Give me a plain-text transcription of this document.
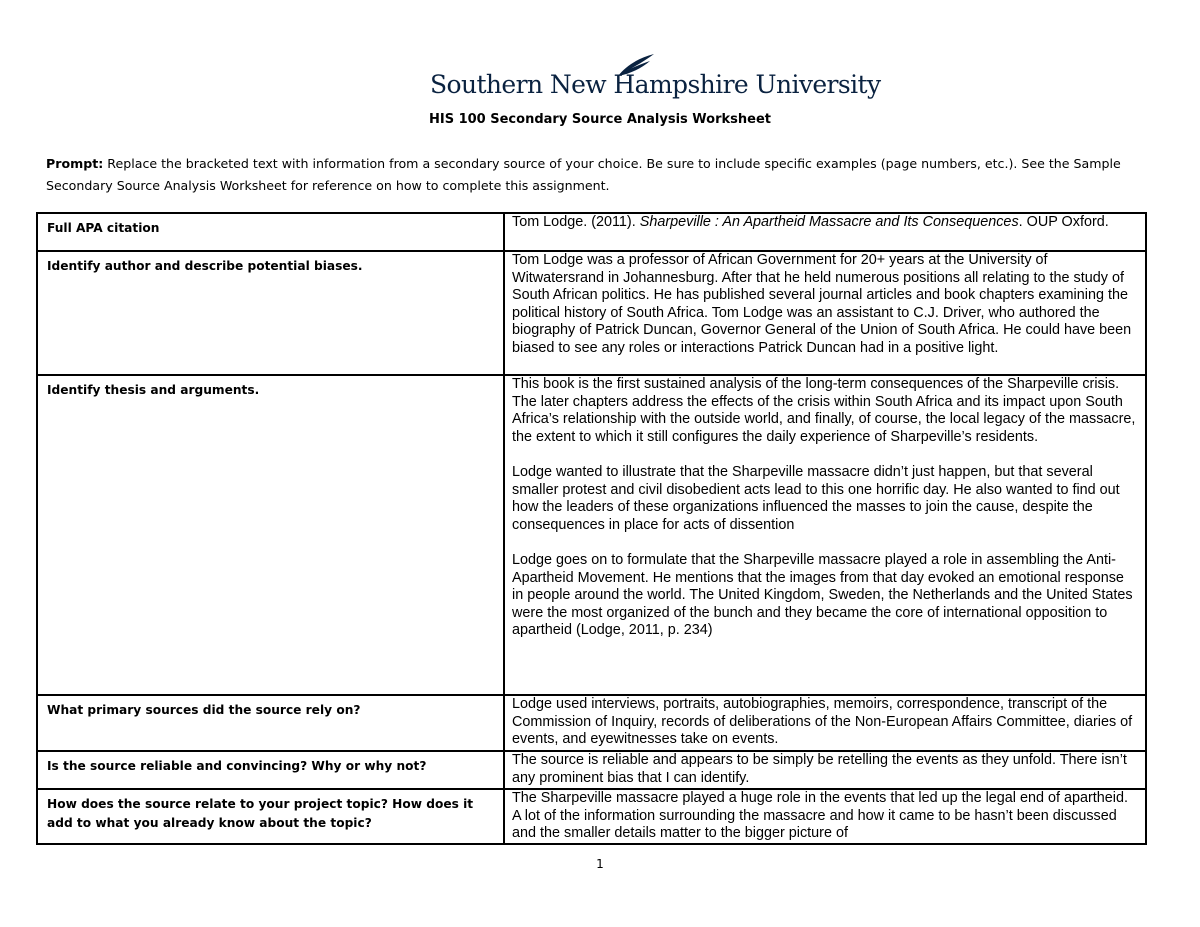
Southern New Hampshire University
HIS 100 Secondary Source Analysis Worksheet
Prompt: Replace the bracketed text with information from a secondary source of your choice. Be sure to include specific examples (page numbers, etc.). See the Sample Secondary Source Analysis Worksheet for reference on how to complete this assignment.
Full APA citation	Tom Lodge. (2011). Sharpeville : An Apartheid Massacre and Its Consequences. OUP Oxford.
Identify author and describe potential biases.	Tom Lodge was a professor of African Government for 20+ years at the University of Witwatersrand in Johannesburg. After that he held numerous positions all relating to the study of South African politics. He has published several journal articles and book chapters examining the political history of South Africa. Tom Lodge was an assistant to C.J. Driver, who authored the biography of Patrick Duncan, Governor General of the Union of South Africa. He could have been biased to see any roles or interactions Patrick Duncan had in a positive light.
Identify thesis and arguments.	This book is the first sustained analysis of the long-term consequences of the Sharpeville crisis. The later chapters address the effects of the crisis within South Africa and its impact upon South Africa’s relationship with the outside world, and finally, of course, the local legacy of the massacre, the extent to which it still configures the daily experience of Sharpeville’s residents.

Lodge wanted to illustrate that the Sharpeville massacre didn’t just happen, but that several smaller protest and civil disobedient acts lead to this one horrific day. He also wanted to find out how the leaders of these organizations influenced the masses to join the cause, despite the consequences in place for acts of dissention

Lodge goes on to formulate that the Sharpeville massacre played a role in assembling the Anti-Apartheid Movement. He mentions that the images from that day evoked an emotional response in people around the world. The United Kingdom, Sweden, the Netherlands and the United States were the most organized of the bunch and they became the core of international opposition to apartheid (Lodge, 2011, p. 234)

What primary sources did the source rely on?	Lodge used interviews, portraits, autobiographies, memoirs, correspondence, transcript of the Commission of Inquiry, records of deliberations of the Non-European Affairs Committee, diaries of events, and eyewitnesses take on events.
Is the source reliable and convincing? Why or why not?	The source is reliable and appears to be simply be retelling the events as they unfold. There isn’t any prominent bias that I can identify.
How does the source relate to your project topic? How does it add to what you already know about the topic?	The Sharpeville massacre played a huge role in the events that led up the legal end of apartheid. A lot of the information surrounding the massacre and how it came to be hasn’t been discussed and the smaller details matter to the bigger picture of
1
